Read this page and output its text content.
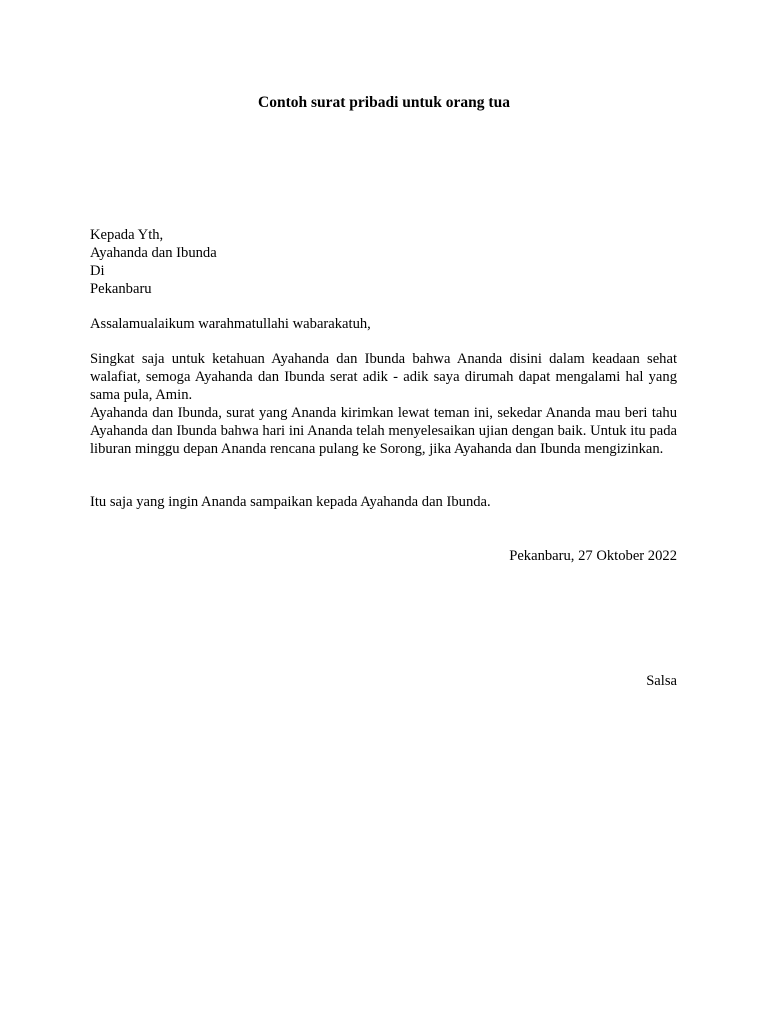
Contoh surat pribadi untuk orang tua
Kepada Yth,
Ayahanda dan Ibunda
Di
Pekanbaru
Assalamualaikum warahmatullahi wabarakatuh,

Singkat saja untuk ketahuan Ayahanda dan Ibunda bahwa Ananda disini dalam keadaan sehat walafiat, semoga Ayahanda dan Ibunda serat adik - adik saya dirumah dapat mengalami hal yang sama pula, Amin.

Ayahanda dan Ibunda, surat yang Ananda kirimkan lewat teman ini, sekedar Ananda mau beri tahu Ayahanda dan Ibunda bahwa hari ini Ananda telah menyelesaikan ujian dengan baik. Untuk itu pada liburan minggu depan Ananda rencana pulang ke Sorong, jika Ayahanda dan Ibunda mengizinkan.

Itu saja yang ingin Ananda sampaikan kepada Ayahanda dan Ibunda.
Pekanbaru, 27 Oktober 2022
Salsa
